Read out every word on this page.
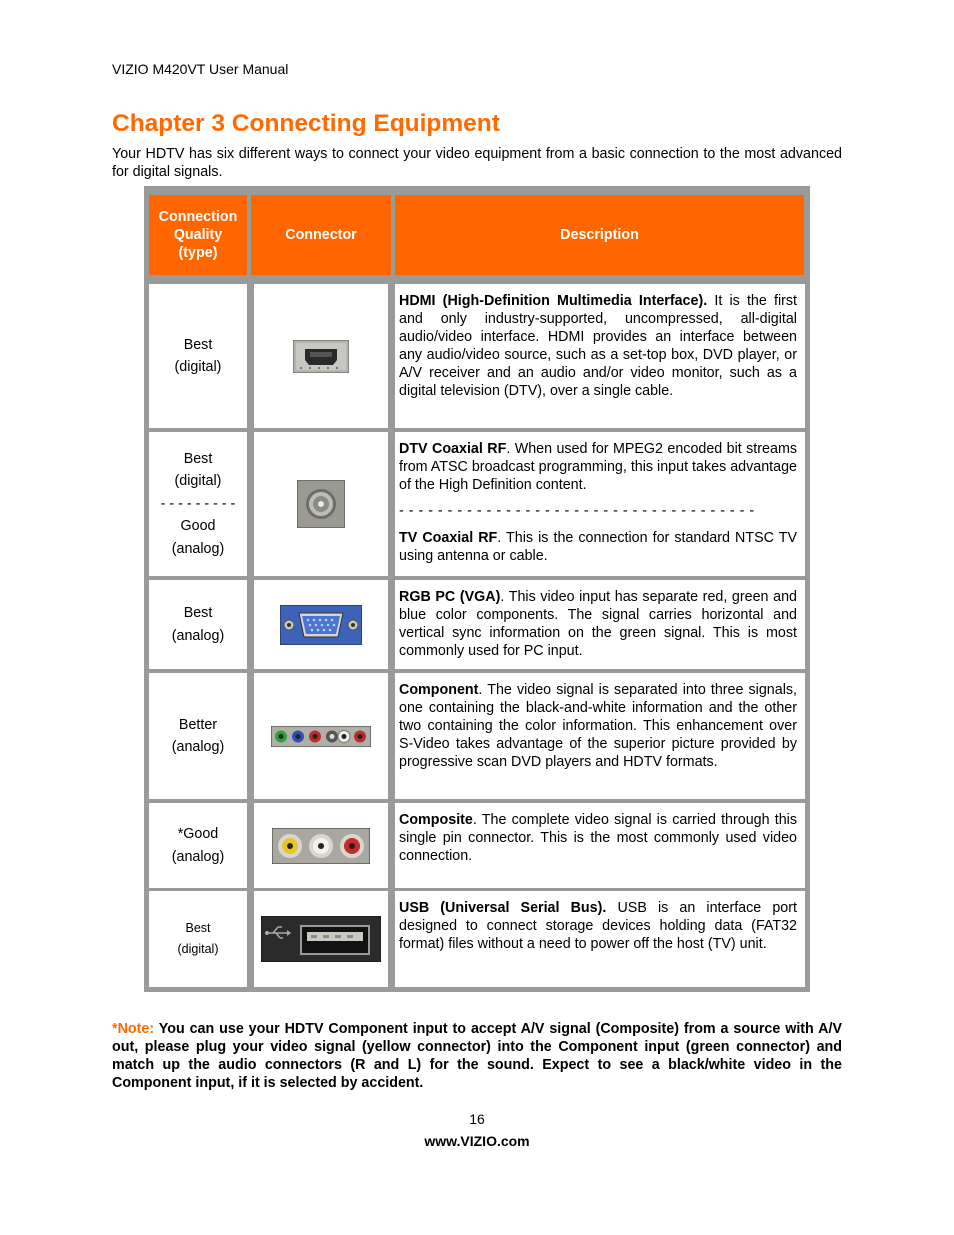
VIZIO M420VT User Manual
Chapter 3 Connecting Equipment

Your HDTV has six different ways to connect your video equipment from a basic connection to the most advanced for digital signals.

Connection
Quality
(type)
Connector	Description
Best
(digital)

HDMI (High-Definition Multimedia Interface). It is the first and only industry-supported, uncompressed, all-digital audio/video interface. HDMI provides an interface between any audio/video source, such as a set-top box, DVD player, or A/V receiver and an audio and/or video monitor, such as a digital television (DTV), over a single cable.

Best
(digital)
- - - - - - - - -
Good
(analog)

DTV Coaxial RF. When used for MPEG2 encoded bit streams from ATSC broadcast programming, this input takes advantage of the High Definition content.

- - - - - - - - - - - - - - - - - - - - - - - - - - - - - - - - - - - - -

TV Coaxial RF. This is the connection for standard NTSC TV using antenna or cable.

Best
(analog)

RGB PC (VGA). This video input has separate red, green and blue color components. The signal carries horizontal and vertical sync information on the green signal. This is most commonly used for PC input.

Better
(analog)

Component. The video signal is separated into three signals, one containing the black-and-white information and the other two containing the color information. This enhancement over S-Video takes advantage of the superior picture provided by progressive scan DVD players and HDTV formats.

*Good
(analog)

Composite. The complete video signal is carried through this single pin connector. This is the most commonly used video connection.

Best
(digital)

USB (Universal Serial Bus). USB is an interface port designed to connect storage devices holding data (FAT32 format) files without a need to power off the host (TV) unit.

*Note: You can use your HDTV Component input to accept A/V signal (Composite) from a source with A/V out, please plug your video signal (yellow connector) into the Component input (green connector) and match up the audio connectors (R and L) for the sound. Expect to see a black/white video in the Component input, if it is selected by accident.

16
www.VIZIO.com
